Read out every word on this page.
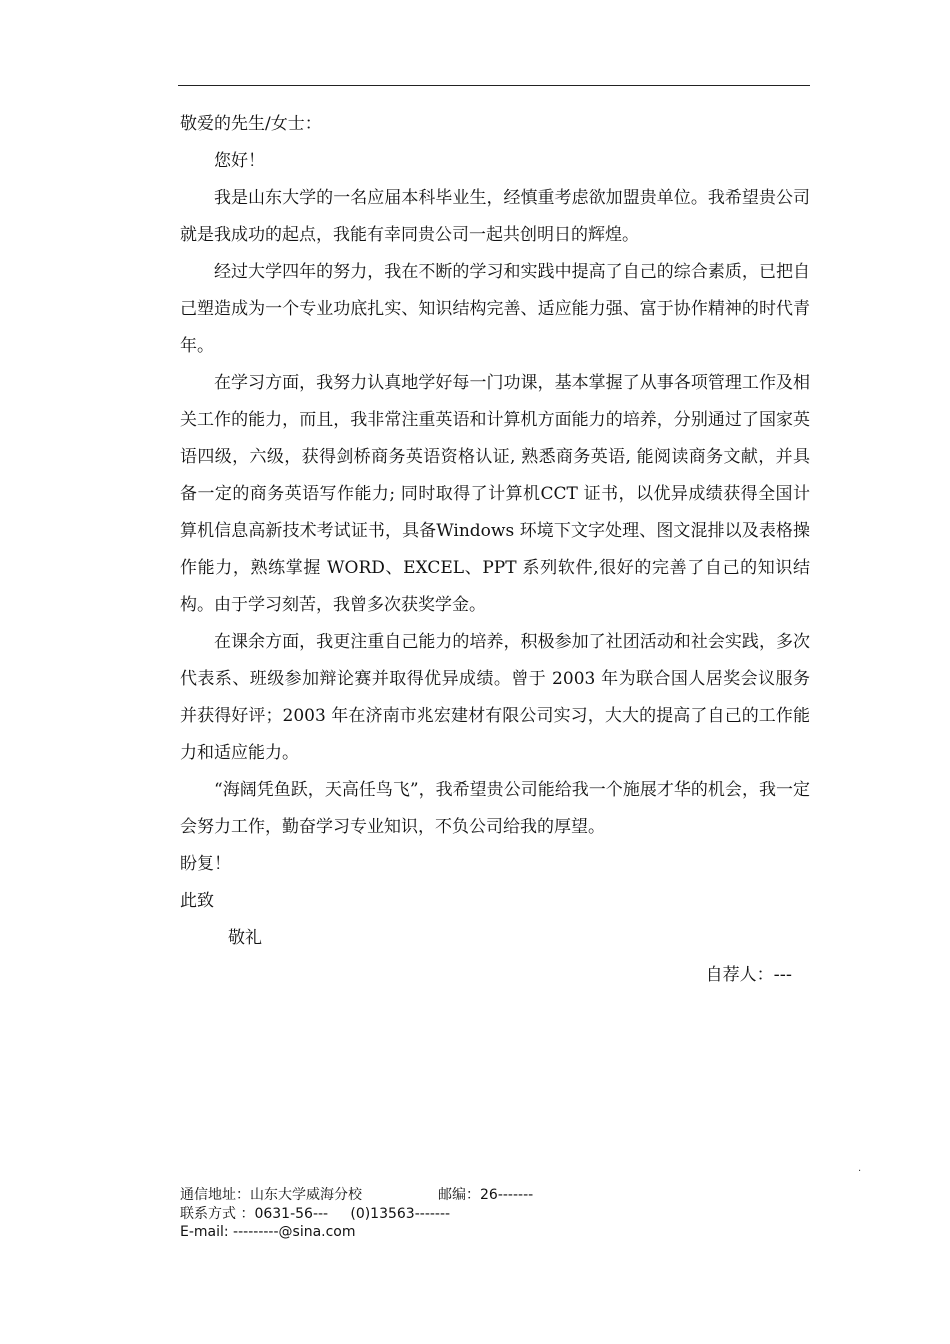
敬爱的先生/女士：

您好！

我是山东大学的一名应届本科毕业生，经慎重考虑欲加盟贵单位。我希望贵公司就是我成功的起点，我能有幸同贵公司一起共创明日的辉煌。

经过大学四年的努力，我在不断的学习和实践中提高了自己的综合素质，已把自己塑造成为一个专业功底扎实、知识结构完善、适应能力强、富于协作精神的时代青年。

在学习方面，我努力认真地学好每一门功课，基本掌握了从事各项管理工作及相关工作的能力，而且，我非常注重英语和计算机方面能力的培养，分别通过了国家英语四级，六级，获得剑桥商务英语资格认证, 熟悉商务英语, 能阅读商务文献，并具备一定的商务英语写作能力; 同时取得了计算机CCT 证书，以优异成绩获得全国计算机信息高新技术考试证书，具备Windows 环境下文字处理、图文混排以及表格操作能力，熟练掌握 WORD、EXCEL、PPT 系列软件,很好的完善了自己的知识结构。由于学习刻苦，我曾多次获奖学金。

在课余方面，我更注重自己能力的培养，积极参加了社团活动和社会实践，多次代表系、班级参加辩论赛并取得优异成绩。曾于 2003 年为联合国人居奖会议服务并获得好评；2003 年在济南市兆宏建材有限公司实习，大大的提高了自己的工作能力和适应能力。

“海阔凭鱼跃，天高任鸟飞”，我希望贵公司能给我一个施展才华的机会，我一定会努力工作，勤奋学习专业知识，不负公司给我的厚望。

盼复！

此致

敬礼

自荐人：---

.
通信地址：山东大学威海分校	邮编：26-------
联系方式 ：0631-56---     (0)13563-------
E-mail: ---------@sina.com
